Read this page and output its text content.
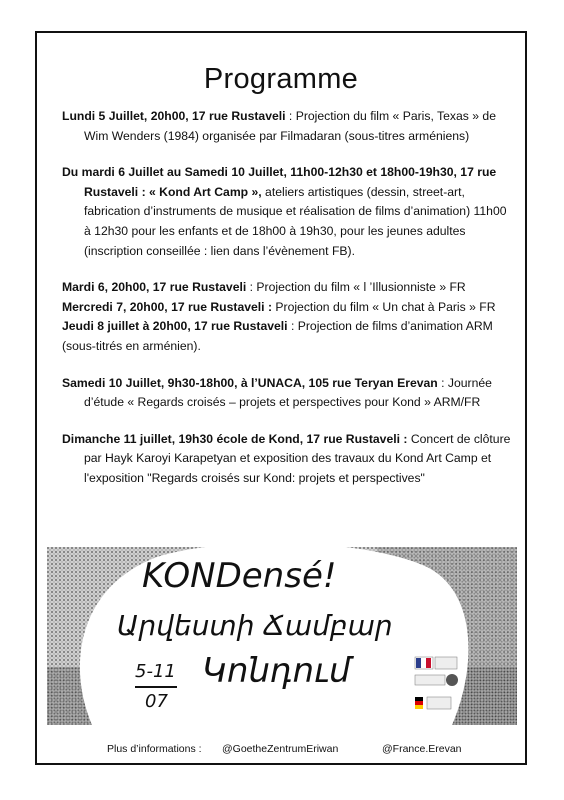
Programme

Lundi 5 Juillet, 20h00, 17 rue Rustaveli : Projection du film « Paris, Texas » de Wim Wenders (1984) organisée par Filmadaran (sous-titres arméniens)

Du mardi 6 Juillet au Samedi 10 Juillet, 11h00-12h30 et 18h00-19h30, 17 rue Rustaveli : « Kond Art Camp », ateliers artistiques (dessin, street-art, fabrication d’instruments de musique et réalisation de films d’animation) 11h00 à 12h30 pour les enfants et de 18h00 à 19h30, pour les jeunes adultes (inscription conseillée : lien dans l’évènement FB).

Mardi 6, 20h00, 17 rue Rustaveli : Projection du film « l ’Illusionniste » FR

Mercredi 7, 20h00, 17 rue Rustaveli : Projection du film « Un chat à Paris » FR

Jeudi 8 juillet à 20h00, 17 rue Rustaveli : Projection de films d’animation ARM (sous-titrés en arménien).

Samedi 10 Juillet, 9h30-18h00, à l’UNACA, 105 rue Teryan Erevan : Journée d’étude « Regards croisés – projets et perspectives pour Kond » ARM/FR

Dimanche 11 juillet, 19h30 école de Kond, 17 rue Rustaveli : Concert de clôture par Hayk Karoyi Karapetyan et exposition des travaux du Kond Art Camp et l'exposition "Regards croisés sur Kond: projets et perspectives"

KONDensé!
Արվեստի Ճամբար
Կոնդում
5-11
07
Plus d’informations : @GoetheZentrumEriwan	@France.Erevan
